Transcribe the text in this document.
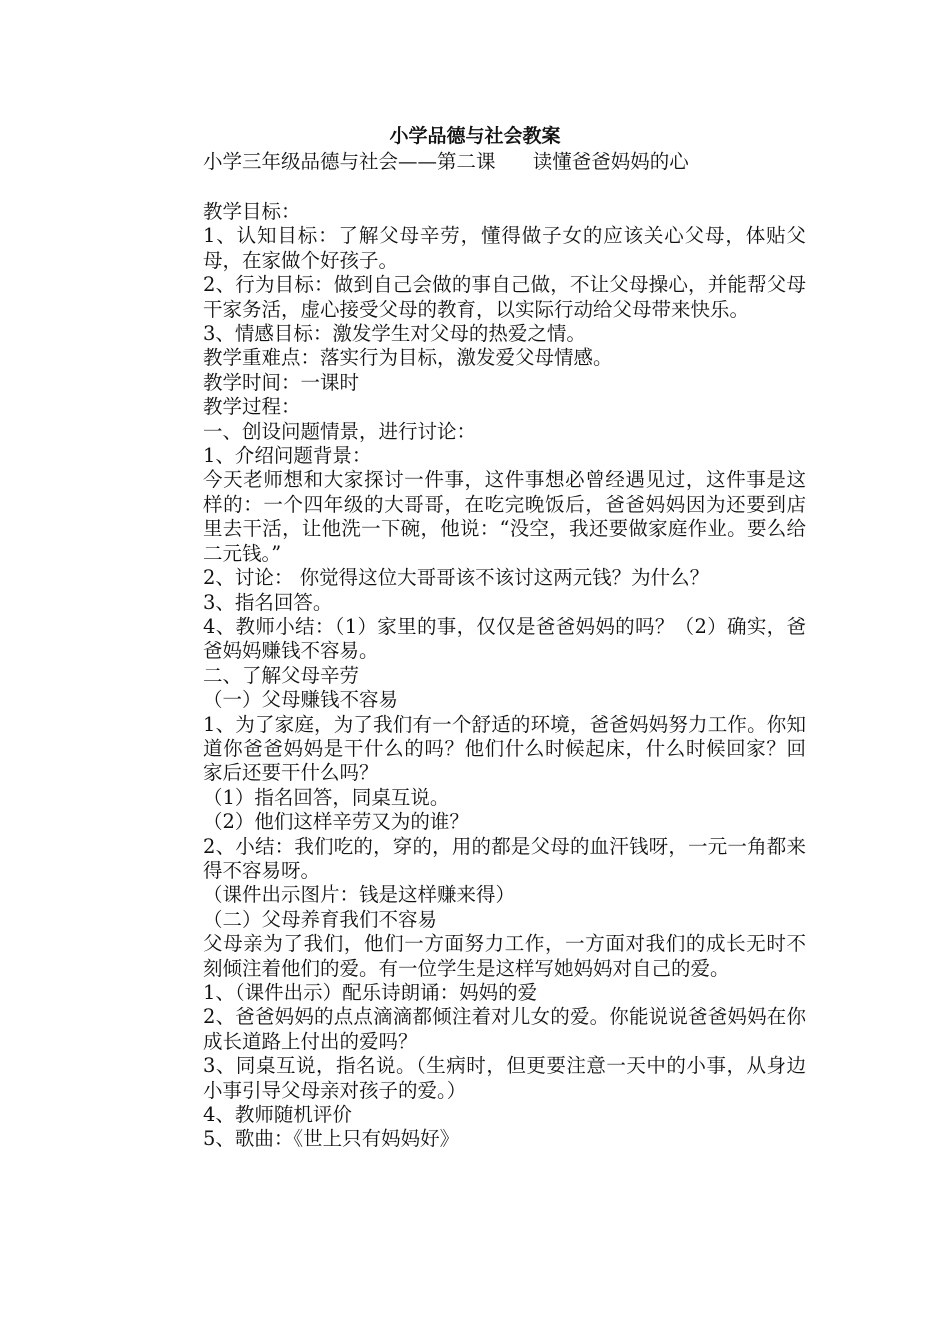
小学品德与社会教案
小学三年级品德与社会——第二课      读懂爸爸妈妈的心

教学目标：

1、认知目标：了解父母辛劳，懂得做子女的应该关心父母，体贴父母，在家做个好孩子。

2、行为目标：做到自己会做的事自己做，不让父母操心，并能帮父母干家务活，虚心接受父母的教育，以实际行动给父母带来快乐。

3、情感目标：激发学生对父母的热爱之情。

教学重难点：落实行为目标，激发爱父母情感。

教学时间：一课时

教学过程：

一、创设问题情景，进行讨论：

1、介绍问题背景：

今天老师想和大家探讨一件事，这件事想必曾经遇见过，这件事是这样的：一个四年级的大哥哥，在吃完晚饭后，爸爸妈妈因为还要到店里去干活，让他洗一下碗，他说：“没空，我还要做家庭作业。要么给二元钱。”

2、讨论： 你觉得这位大哥哥该不该讨这两元钱？为什么？

3、指名回答。

4、教师小结：（1）家里的事，仅仅是爸爸妈妈的吗？（2）确实，爸爸妈妈赚钱不容易。

二、了解父母辛劳

（一）父母赚钱不容易

1、为了家庭，为了我们有一个舒适的环境，爸爸妈妈努力工作。你知道你爸爸妈妈是干什么的吗？他们什么时候起床，什么时候回家？回家后还要干什么吗？

（1）指名回答，同桌互说。

（2）他们这样辛劳又为的谁？

2、小结：我们吃的，穿的，用的都是父母的血汗钱呀，一元一角都来得不容易呀。

（课件出示图片：钱是这样赚来得）

（二）父母养育我们不容易

父母亲为了我们，他们一方面努力工作，一方面对我们的成长无时不刻倾注着他们的爱。有一位学生是这样写她妈妈对自己的爱。

1、（课件出示）配乐诗朗诵：妈妈的爱

2、爸爸妈妈的点点滴滴都倾注着对儿女的爱。你能说说爸爸妈妈在你成长道路上付出的爱吗？

3、同桌互说，指名说。（生病时，但更要注意一天中的小事，从身边小事引导父母亲对孩子的爱。）

4、教师随机评价

5、歌曲：《世上只有妈妈好》
